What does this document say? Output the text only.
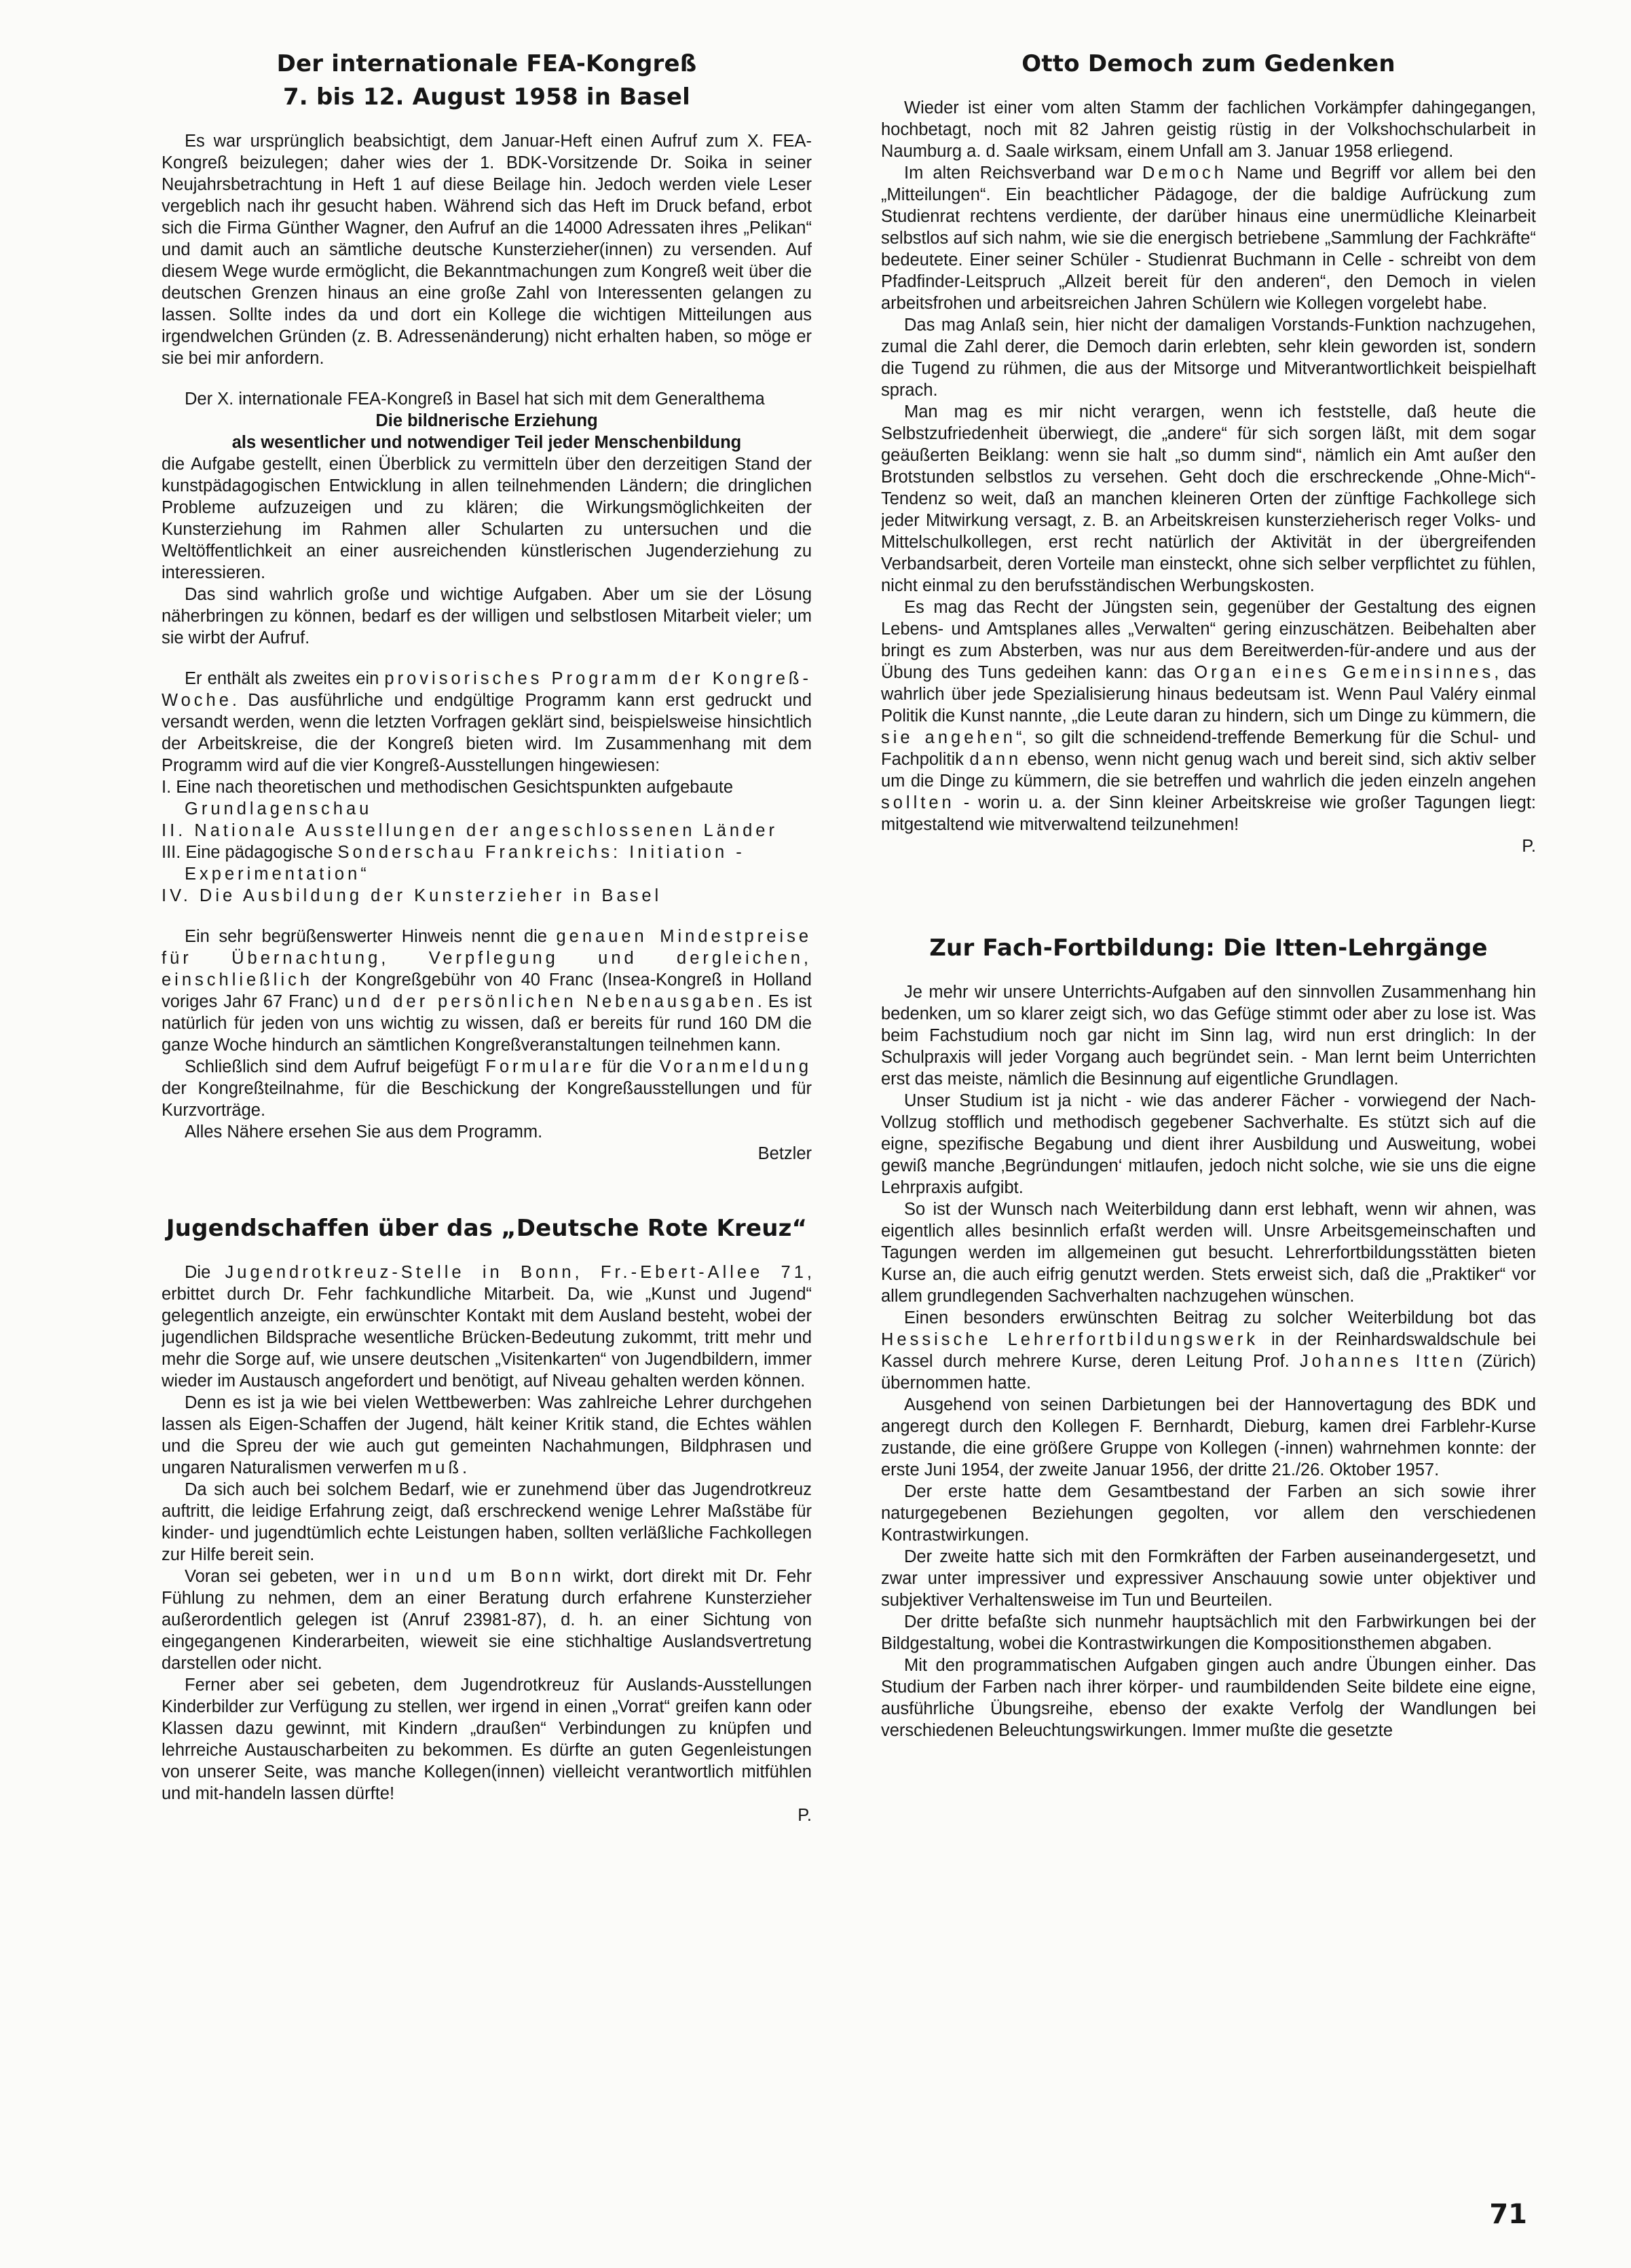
Der internationale FEA-Kongreß
7. bis 12. August 1958 in Basel

Es war ursprünglich beabsichtigt, dem Januar-Heft einen Aufruf zum X. FEA-Kongreß beizulegen; daher wies der 1. BDK-Vorsitzende Dr. Soika in seiner Neujahrsbetrachtung in Heft 1 auf diese Beilage hin. Jedoch werden viele Leser vergeblich nach ihr gesucht haben. Während sich das Heft im Druck befand, erbot sich die Firma Günther Wagner, den Aufruf an die 14000 Adressaten ihres „Pelikan“ und damit auch an sämtliche deutsche Kunsterzieher(innen) zu versenden. Auf diesem Wege wurde ermöglicht, die Bekanntmachungen zum Kongreß weit über die deutschen Grenzen hinaus an eine große Zahl von Interessenten gelangen zu lassen. Sollte indes da und dort ein Kollege die wichtigen Mitteilungen aus irgendwelchen Gründen (z. B. Adressenänderung) nicht erhalten haben, so möge er sie bei mir anfordern.

Der X. internationale FEA-Kongreß in Basel hat sich mit dem Generalthema

Die bildnerische Erziehung

als wesentlicher und notwendiger Teil jeder Menschenbildung

die Aufgabe gestellt, einen Überblick zu vermitteln über den derzeitigen Stand der kunstpädagogischen Entwicklung in allen teilnehmenden Ländern; die dringlichen Probleme aufzuzeigen und zu klären; die Wirkungsmöglichkeiten der Kunsterziehung im Rahmen aller Schularten zu untersuchen und die Weltöffentlichkeit an einer ausreichenden künstlerischen Jugenderziehung zu interessieren.

Das sind wahrlich große und wichtige Aufgaben. Aber um sie der Lösung näherbringen zu können, bedarf es der willigen und selbstlosen Mitarbeit vieler; um sie wirbt der Aufruf.

Er enthält als zweites ein provisorisches Programm der Kongreß-Woche. Das ausführliche und endgültige Programm kann erst gedruckt und versandt werden, wenn die letzten Vorfragen geklärt sind, beispielsweise hinsichtlich der Arbeitskreise, die der Kongreß bieten wird. Im Zusammenhang mit dem Programm wird auf die vier Kongreß-Ausstellungen hingewiesen:

I. Eine nach theoretischen und methodischen Gesichtspunkten aufgebaute
Grundlagenschau

II. Nationale Ausstellungen der angeschlossenen Länder

III. Eine pädagogische Sonderschau Frankreichs: Initiation - Experimentation“

IV. Die Ausbildung der Kunsterzieher in Basel

Ein sehr begrüßenswerter Hinweis nennt die genauen Mindestpreise für Übernachtung, Verpflegung und dergleichen, einschließlich der Kongreßgebühr von 40 Franc (Insea-Kongreß in Holland voriges Jahr 67 Franc) und der persönlichen Nebenausgaben. Es ist natürlich für jeden von uns wichtig zu wissen, daß er bereits für rund 160 DM die ganze Woche hindurch an sämtlichen Kongreßveranstaltungen teilnehmen kann.

Schließlich sind dem Aufruf beigefügt Formulare für die Voranmeldung der Kongreßteilnahme, für die Beschickung der Kongreßausstellungen und für Kurzvorträge.

Alles Nähere ersehen Sie aus dem Programm.

Betzler

Jugendschaffen über das „Deutsche Rote Kreuz“

Die Jugendrotkreuz-Stelle in Bonn, Fr.-Ebert-Allee 71, erbittet durch Dr. Fehr fachkundliche Mitarbeit. Da, wie „Kunst und Jugend“ gelegentlich anzeigte, ein erwünschter Kontakt mit dem Ausland besteht, wobei der jugendlichen Bildsprache wesentliche Brücken-Bedeutung zukommt, tritt mehr und mehr die Sorge auf, wie unsere deutschen „Visitenkarten“ von Jugendbildern, immer wieder im Austausch angefordert und benötigt, auf Niveau gehalten werden können.

Denn es ist ja wie bei vielen Wettbewerben: Was zahlreiche Lehrer durchgehen lassen als Eigen-Schaffen der Jugend, hält keiner Kritik stand, die Echtes wählen und die Spreu der wie auch gut gemeinten Nachahmungen, Bildphrasen und ungaren Naturalismen verwerfen muß.

Da sich auch bei solchem Bedarf, wie er zunehmend über das Jugendrotkreuz auftritt, die leidige Erfahrung zeigt, daß erschreckend wenige Lehrer Maßstäbe für kinder- und jugendtümlich echte Leistungen haben, sollten verläßliche Fachkollegen zur Hilfe bereit sein.

Voran sei gebeten, wer in und um Bonn wirkt, dort direkt mit Dr. Fehr Fühlung zu nehmen, dem an einer Beratung durch erfahrene Kunsterzieher außerordentlich gelegen ist (Anruf 23981-87), d. h. an einer Sichtung von eingegangenen Kinderarbeiten, wieweit sie eine stichhaltige Auslandsvertretung darstellen oder nicht.

Ferner aber sei gebeten, dem Jugendrotkreuz für Auslands-Ausstellungen Kinderbilder zur Verfügung zu stellen, wer irgend in einen „Vorrat“ greifen kann oder Klassen dazu gewinnt, mit Kindern „draußen“ Verbindungen zu knüpfen und lehrreiche Austauscharbeiten zu bekommen. Es dürfte an guten Gegenleistungen von unserer Seite, was manche Kollegen(innen) vielleicht verantwortlich mitfühlen und mit-handeln lassen dürfte!

P.

Otto Democh zum Gedenken

Wieder ist einer vom alten Stamm der fachlichen Vorkämpfer dahingegangen, hochbetagt, noch mit 82 Jahren geistig rüstig in der Volkshochschularbeit in Naumburg a. d. Saale wirksam, einem Unfall am 3. Januar 1958 erliegend.

Im alten Reichsverband war Democh Name und Begriff vor allem bei den „Mitteilungen“. Ein beachtlicher Pädagoge, der die baldige Aufrückung zum Studienrat rechtens verdiente, der darüber hinaus eine unermüdliche Kleinarbeit selbstlos auf sich nahm, wie sie die energisch betriebene „Sammlung der Fachkräfte“ bedeutete. Einer seiner Schüler - Studienrat Buchmann in Celle - schreibt von dem Pfadfinder-Leitspruch „Allzeit bereit für den anderen“, den Democh in vielen arbeitsfrohen und arbeitsreichen Jahren Schülern wie Kollegen vorgelebt habe.

Das mag Anlaß sein, hier nicht der damaligen Vorstands-Funktion nachzugehen, zumal die Zahl derer, die Democh darin erlebten, sehr klein geworden ist, sondern die Tugend zu rühmen, die aus der Mitsorge und Mitverantwortlichkeit beispielhaft sprach.

Man mag es mir nicht verargen, wenn ich feststelle, daß heute die Selbstzufriedenheit überwiegt, die „andere“ für sich sorgen läßt, mit dem sogar geäußerten Beiklang: wenn sie halt „so dumm sind“, nämlich ein Amt außer den Brotstunden selbstlos zu versehen. Geht doch die erschreckende „Ohne-Mich“-Tendenz so weit, daß an manchen kleineren Orten der zünftige Fachkollege sich jeder Mitwirkung versagt, z. B. an Arbeitskreisen kunsterzieherisch reger Volks- und Mittelschulkollegen, erst recht natürlich der Aktivität in der übergreifenden Verbandsarbeit, deren Vorteile man einsteckt, ohne sich selber verpflichtet zu fühlen, nicht einmal zu den berufsständischen Werbungskosten.

Es mag das Recht der Jüngsten sein, gegenüber der Gestaltung des eignen Lebens- und Amtsplanes alles „Verwalten“ gering einzuschätzen. Beibehalten aber bringt es zum Absterben, was nur aus dem Bereitwerden-für-andere und aus der Übung des Tuns gedeihen kann: das Organ eines Gemeinsinnes, das wahrlich über jede Spezialisierung hinaus bedeutsam ist. Wenn Paul Valéry einmal Politik die Kunst nannte, „die Leute daran zu hindern, sich um Dinge zu kümmern, die sie angehen“, so gilt die schneidend-treffende Bemerkung für die Schul- und Fachpolitik dann ebenso, wenn nicht genug wach und bereit sind, sich aktiv selber um die Dinge zu kümmern, die sie betreffen und wahrlich die jeden einzeln angehen sollten - worin u. a. der Sinn kleiner Arbeitskreise wie großer Tagungen liegt: mitgestaltend wie mitverwaltend teilzunehmen!

P.

Zur Fach-Fortbildung: Die Itten-Lehrgänge

Je mehr wir unsere Unterrichts-Aufgaben auf den sinnvollen Zusammenhang hin bedenken, um so klarer zeigt sich, wo das Gefüge stimmt oder aber zu lose ist. Was beim Fachstudium noch gar nicht im Sinn lag, wird nun erst dringlich: In der Schulpraxis will jeder Vorgang auch begründet sein. - Man lernt beim Unterrichten erst das meiste, nämlich die Besinnung auf eigentliche Grundlagen.

Unser Studium ist ja nicht - wie das anderer Fächer - vorwiegend der Nach-Vollzug stofflich und methodisch gegebener Sachverhalte. Es stützt sich auf die eigne, spezifische Begabung und dient ihrer Ausbildung und Ausweitung, wobei gewiß manche ‚Begründungen‘ mitlaufen, jedoch nicht solche, wie sie uns die eigne Lehrpraxis aufgibt.

So ist der Wunsch nach Weiterbildung dann erst lebhaft, wenn wir ahnen, was eigentlich alles besinnlich erfaßt werden will. Unsre Arbeitsgemeinschaften und Tagungen werden im allgemeinen gut besucht. Lehrerfortbildungsstätten bieten Kurse an, die auch eifrig genutzt werden. Stets erweist sich, daß die „Praktiker“ vor allem grundlegenden Sachverhalten nachzugehen wünschen.

Einen besonders erwünschten Beitrag zu solcher Weiterbildung bot das Hessische Lehrerfortbildungswerk in der Reinhardswaldschule bei Kassel durch mehrere Kurse, deren Leitung Prof. Johannes Itten (Zürich) übernommen hatte.

Ausgehend von seinen Darbietungen bei der Hannovertagung des BDK und angeregt durch den Kollegen F. Bernhardt, Dieburg, kamen drei Farblehr-Kurse zustande, die eine größere Gruppe von Kollegen (-innen) wahrnehmen konnte: der erste Juni 1954, der zweite Januar 1956, der dritte 21./26. Oktober 1957.

Der erste hatte dem Gesamtbestand der Farben an sich sowie ihrer naturgegebenen Beziehungen gegolten, vor allem den verschiedenen Kontrastwirkungen.

Der zweite hatte sich mit den Formkräften der Farben auseinandergesetzt, und zwar unter impressiver und expressiver Anschauung sowie unter objektiver und subjektiver Verhaltensweise im Tun und Beurteilen.

Der dritte befaßte sich nunmehr hauptsächlich mit den Farbwirkungen bei der Bildgestaltung, wobei die Kontrastwirkungen die Kompositionsthemen abgaben.

Mit den programmatischen Aufgaben gingen auch andre Übungen einher. Das Studium der Farben nach ihrer körper- und raumbildenden Seite bildete eine eigne, ausführliche Übungsreihe, ebenso der exakte Verfolg der Wandlungen bei verschiedenen Beleuchtungswirkungen. Immer mußte die gesetzte

71
